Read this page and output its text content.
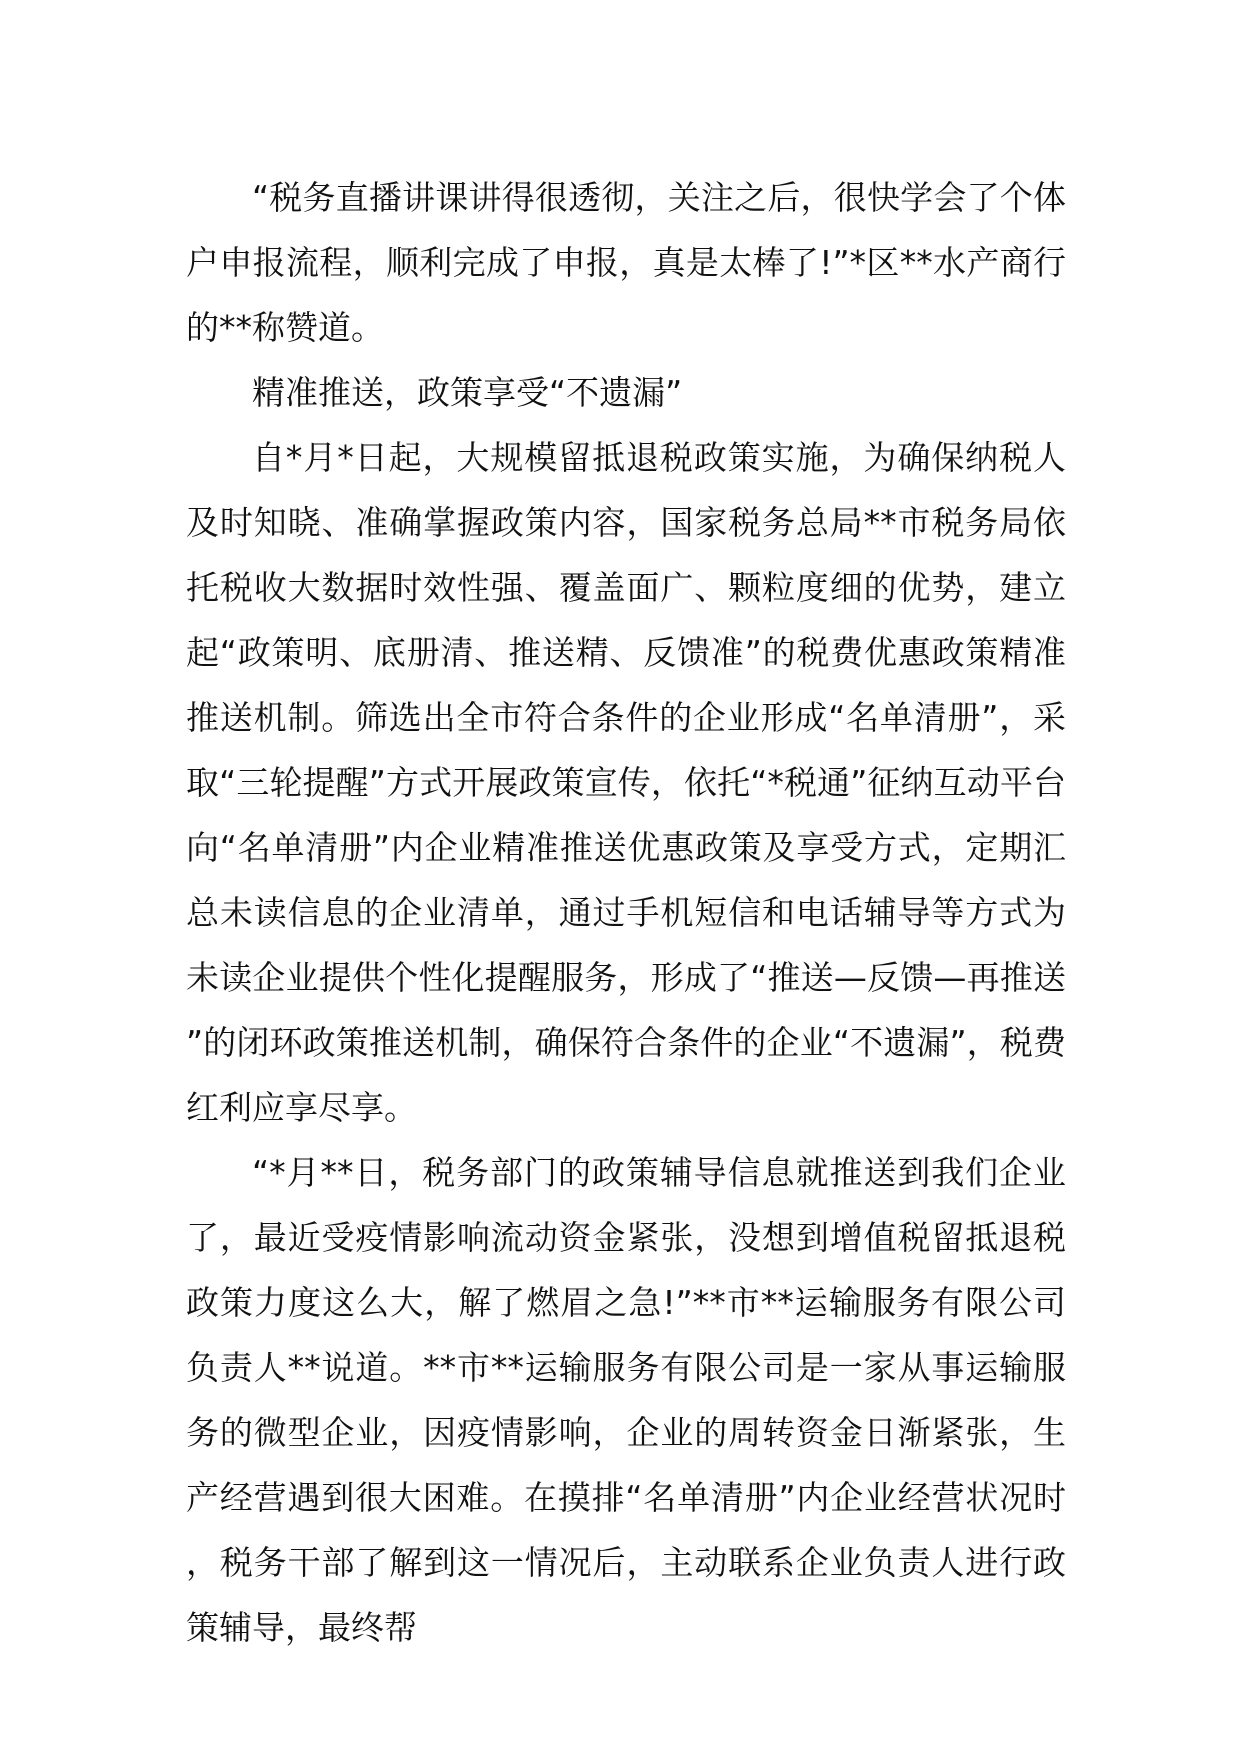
“税务直播讲课讲得很透彻，关注之后，很快学会了个体户申报流程，顺利完成了申报，真是太棒了!”*区**水产商行的**称赞道。

精准推送，政策享受“不遗漏”

自*月*日起，大规模留抵退税政策实施，为确保纳税人及时知晓、准确掌握政策内容，国家税务总局**市税务局依托税收大数据时效性强、覆盖面广、颗粒度细的优势，建立起“政策明、底册清、推送精、反馈准”的税费优惠政策精准推送机制。筛选出全市符合条件的企业形成“名单清册”，采取“三轮提醒”方式开展政策宣传，依托“*税通”征纳互动平台向“名单清册”内企业精准推送优惠政策及享受方式，定期汇总未读信息的企业清单，通过手机短信和电话辅导等方式为未读企业提供个性化提醒服务，形成了“推送—反馈—再推送”的闭环政策推送机制，确保符合条件的企业“不遗漏”，税费红利应享尽享。

“*月**日，税务部门的政策辅导信息就推送到我们企业了，最近受疫情影响流动资金紧张，没想到增值税留抵退税政策力度这么大，解了燃眉之急!”**市**运输服务有限公司负责人**说道。**市**运输服务有限公司是一家从事运输服务的微型企业，因疫情影响，企业的周转资金日渐紧张，生产经营遇到很大困难。在摸排“名单清册”内企业经营状况时，税务干部了解到这一情况后，主动联系企业负责人进行政策辅导，最终帮
